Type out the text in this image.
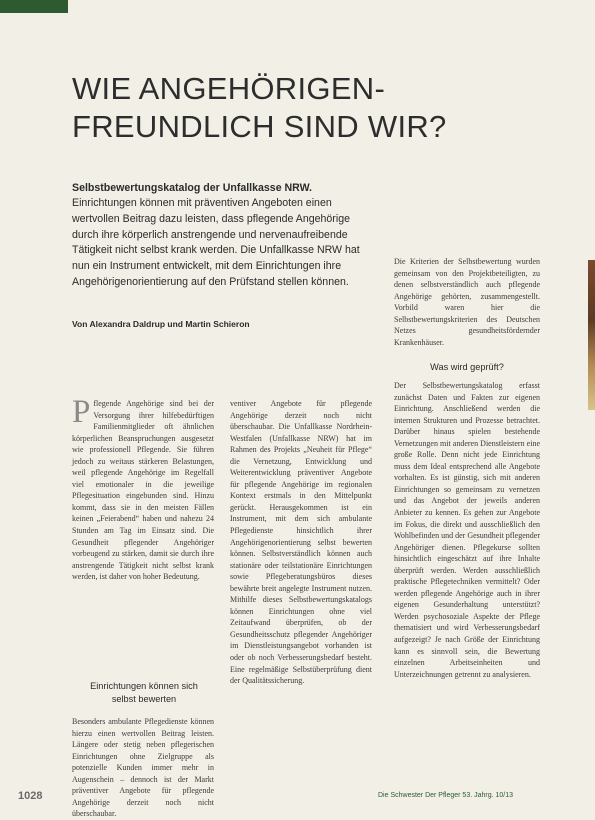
WIE ANGEHÖRIGEN-
FREUNDLICH SIND WIR?

Selbstbewertungskatalog der Unfallkasse NRW.

Einrichtungen können mit präventiven Angeboten einen wertvollen Beitrag dazu leisten, dass pflegende Angehörige durch ihre körperlich anstrengende und nervenaufreibende Tätigkeit nicht selbst krank werden. Die Unfallkasse NRW hat nun ein Instrument entwickelt, mit dem Einrichtungen ihre Angehörigenorientierung auf den Prüfstand stellen können.

Von Alexandra Daldrup und Martin Schieron

Pflegende Angehörige sind bei der Versorgung ihrer hilfebedürftigen Familienmitglieder oft ähnlichen körperlichen Beanspruchungen ausgesetzt wie professionell Pflegende. Sie führen jedoch zu weitaus stärkeren Belastungen, weil pflegende Angehörige im Regelfall viel emotionaler in die jeweilige Pflegesituation eingebunden sind. Hinzu kommt, dass sie in den meisten Fällen keinen „Feierabend“ haben und nahezu 24 Stunden am Tag im Einsatz sind. Die Gesundheit pflegender Angehöriger vorbeugend zu stärken, damit sie durch ihre anstrengende Tätigkeit nicht selbst krank werden, ist daher von hoher Bedeutung.

Einrichtungen können sich selbst bewerten

Besonders ambulante Pflegedienste können hierzu einen wertvollen Beitrag leisten. Längere oder stetig neben pflegerischen Einrichtungen ohne Zielgruppe als potenzielle Kunden immer mehr in Augenschein – dennoch ist der Markt präventiver Angebote für pflegende Angehörige derzeit noch nicht überschaubar.

ventiver Angebote für pflegende Angehörige derzeit noch nicht überschaubar. Die Unfallkasse Nordrhein-Westfalen (Unfallkasse NRW) hat im Rahmen des Projekts „Neuheit für Pflege“ die Vernetzung, Entwicklung und Weiterentwicklung präventiver Angebote für pflegende Angehörige im regionalen Kontext erstmals in den Mittelpunkt gerückt. Herausgekommen ist ein Instrument, mit dem sich ambulante Pflegedienste hinsichtlich ihrer Angehörigenorientierung selbst bewerten können. Selbstverständlich können auch stationäre oder teilstationäre Einrichtungen sowie Pflegeberatungsbüros dieses bewährte breit angelegte Instrument nutzen. Mithilfe dieses Selbstbewertungskatalogs können Einrichtungen ohne viel Zeitaufwand überprüfen, ob der Gesundheitsschutz pflegender Angehöriger im Dienstleistungsangebot vorhanden ist oder ob noch Verbesserungsbedarf besteht. Eine regelmäßige Selbstüberprüfung dient der Qualitätssicherung.

Die Kriterien der Selbstbewertung wurden gemeinsam von den Projektbeteiligten, zu denen selbstverständlich auch pflegende Angehörige gehörten, zusammengestellt. Vorbild waren hier die Selbstbewertungskriterien des Deutschen Netzes gesundheitsfördernder Krankenhäuser.

Was wird geprüft?

Der Selbstbewertungskatalog erfasst zunächst Daten und Fakten zur eigenen Einrichtung. Anschließend werden die internen Strukturen und Prozesse betrachtet. Darüber hinaus spielen bestehende Vernetzungen mit anderen Dienstleistern eine große Rolle. Denn nicht jede Einrichtung muss dem Ideal entsprechend alle Angebote vorhalten. Es ist günstig, sich mit anderen Einrichtungen so gemeinsam zu vernetzen und das Angebot der jeweils anderen Anbieter zu kennen. Es gehen zur Angebote im Fokus, die direkt und ausschließlich den Wohlbefinden und der Gesundheit pflegender Angehöriger dienen. Pflegekurse sollten hinsichtlich eingeschätzt auf ihre Inhalte überprüft werden. Werden ausschließlich praktische Pflegetechniken vermittelt? Oder werden pflegende Angehörige auch in ihrer eigenen Gesunderhaltung unterstützt? Werden psychosoziale Aspekte der Pflege thematisiert und wird Verbesserungsbedarf aufgezeigt? Je nach Größe der Einrichtung kann es sinnvoll sein, die Bewertung einzelnen Arbeitseinheiten und Unterzeichnungen getrennt zu analysieren.

1028	Die Schwester Der Pfleger 53. Jahrg. 10/13
